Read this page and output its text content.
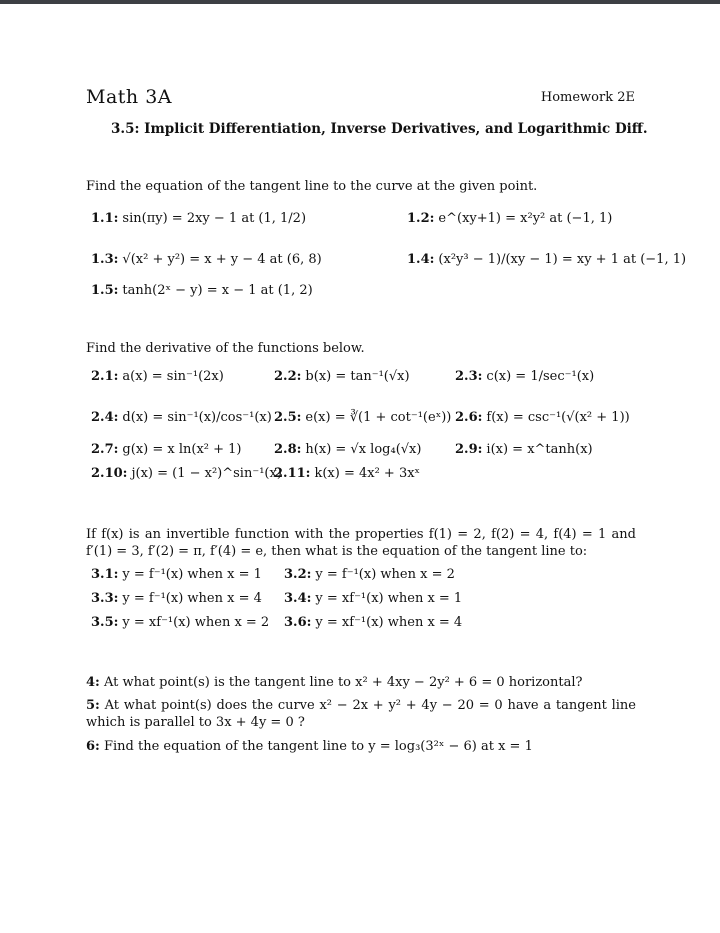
Math 3A	Homework 2E
3.5: Implicit Differentiation, Inverse Derivatives, and Logarithmic Diff.
Find the equation of the tangent line to the curve at the given point.
1.1: sin(πy) = 2xy − 1 at (1, 1/2)	1.2: e^(xy+1) = x²y² at (−1, 1)
1.3: √(x² + y²) = x + y − 4 at (6, 8)	1.4: (x²y³ − 1)/(xy − 1) = xy + 1 at (−1, 1)
1.5: tanh(2ˣ − y) = x − 1 at (1, 2)
Find the derivative of the functions below.
2.1: a(x) = sin⁻¹(2x)	2.2: b(x) = tan⁻¹(√x)	2.3: c(x) = 1/sec⁻¹(x)
2.4: d(x) = sin⁻¹(x)/cos⁻¹(x) 2.5: e(x) = ∛(1 + cot⁻¹(eˣ)) 2.6: f(x) = csc⁻¹(√(x² + 1))
2.7: g(x) = x ln(x² + 1)	2.8: h(x) = √x log₄(√x)	2.9: i(x) = x^tanh(x)
2.10: j(x) = (1 − x²)^sin⁻¹(x)
2.11: k(x) = 4x² + 3xˣ
If f(x) is an invertible function with the properties f(1) = 2, f(2) = 4, f(4) = 1 and f′(1) = 3, f′(2) = π, f′(4) = e, then what is the equation of the tangent line to:
3.1: y = f⁻¹(x) when x = 1 3.2: y = f⁻¹(x) when x = 2
3.3: y = f⁻¹(x) when x = 4 3.4: y = xf⁻¹(x) when x = 1
3.5: y = xf⁻¹(x) when x = 2 3.6: y = xf⁻¹(x) when x = 4
4: At what point(s) is the tangent line to x² + 4xy − 2y² + 6 = 0 horizontal?
5: At what point(s) does the curve x² − 2x + y² + 4y − 20 = 0 have a tangent line which is parallel to 3x + 4y = 0 ?
6: Find the equation of the tangent line to y = log₃(3²ˣ − 6) at x = 1
